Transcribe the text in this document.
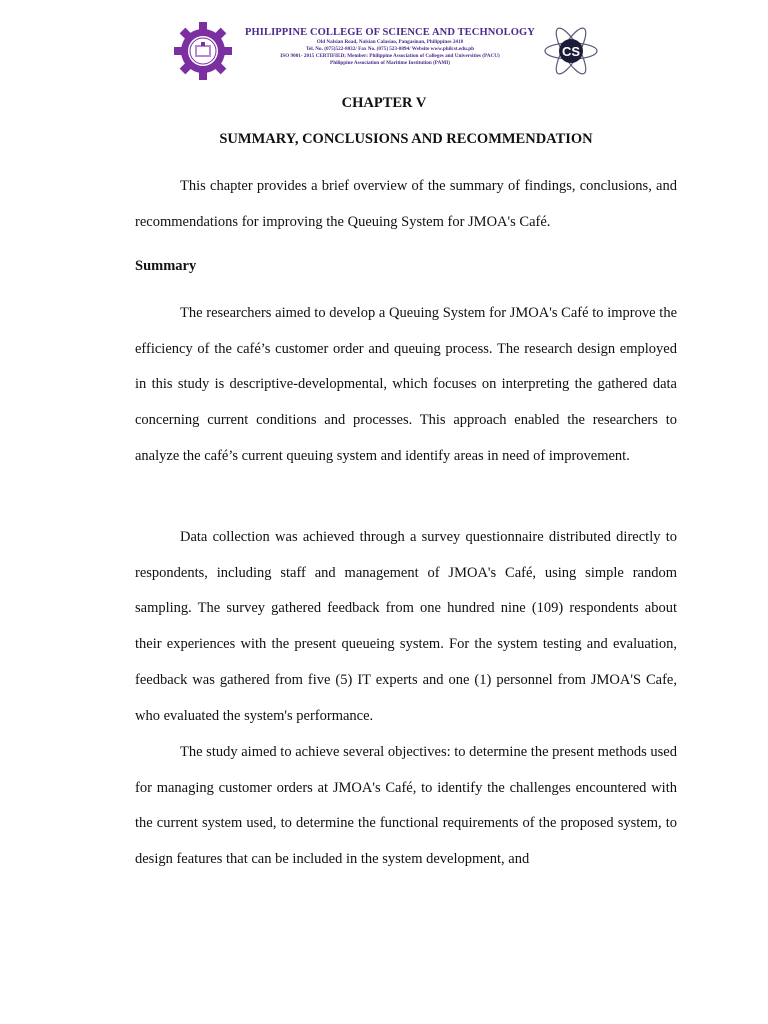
PHILIPPINE COLLEGE OF SCIENCE AND TECHNOLOGY
Old Nalsian Road, Nalsian Calasiao, Pangasinan, Philippines 2418
Tel. No. (075)522-8032/ Fax No. (075) 523-0894/ Website www.philcst.edu.ph
ISO 9001- 2015 CERTIFIED; Member: Philippine Association of Colleges and Universities (PACU)
Philippine Association of Maritime Institution (PAMI)
CS
CHAPTER V
SUMMARY, CONCLUSIONS AND RECOMMENDATION
This chapter provides a brief overview of the summary of findings, conclusions, and recommendations for improving the Queuing System for JMOA's Café.
Summary
The researchers aimed to develop a Queuing System for JMOA's Café to improve the efficiency of the café’s customer order and queuing process. The research design employed in this study is descriptive-developmental, which focuses on interpreting the gathered data concerning current conditions and processes. This approach enabled the researchers to analyze the café’s current queuing system and identify areas in need of improvement.
Data collection was achieved through a survey questionnaire distributed directly to respondents, including staff and management of JMOA's Café, using simple random sampling. The survey gathered feedback from one hundred nine (109) respondents about their experiences with the present queueing system. For the system testing and evaluation, feedback was gathered from five (5) IT experts and one (1) personnel from JMOA'S Cafe, who evaluated the system's performance.
The study aimed to achieve several objectives: to determine the present methods used for managing customer orders at JMOA's Café, to identify the challenges encountered with the current system used, to determine the functional requirements of the proposed system, to design features that can be included in the system development, and
